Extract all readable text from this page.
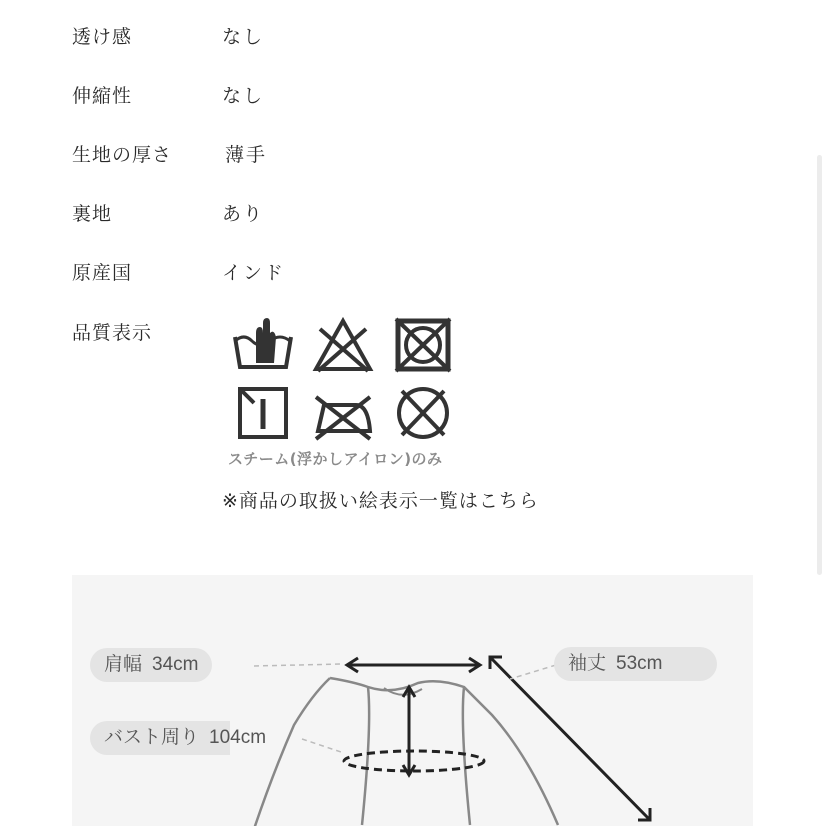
透け感	なし
伸縮性	なし
生地の厚さ	薄手
裏地	あり
原産国	インド
品質表示
スチーム(浮かしアイロン)のみ
※商品の取扱い絵表示一覧はこちら
肩幅 34cm	袖丈 53cm
バスト周り 104cm
